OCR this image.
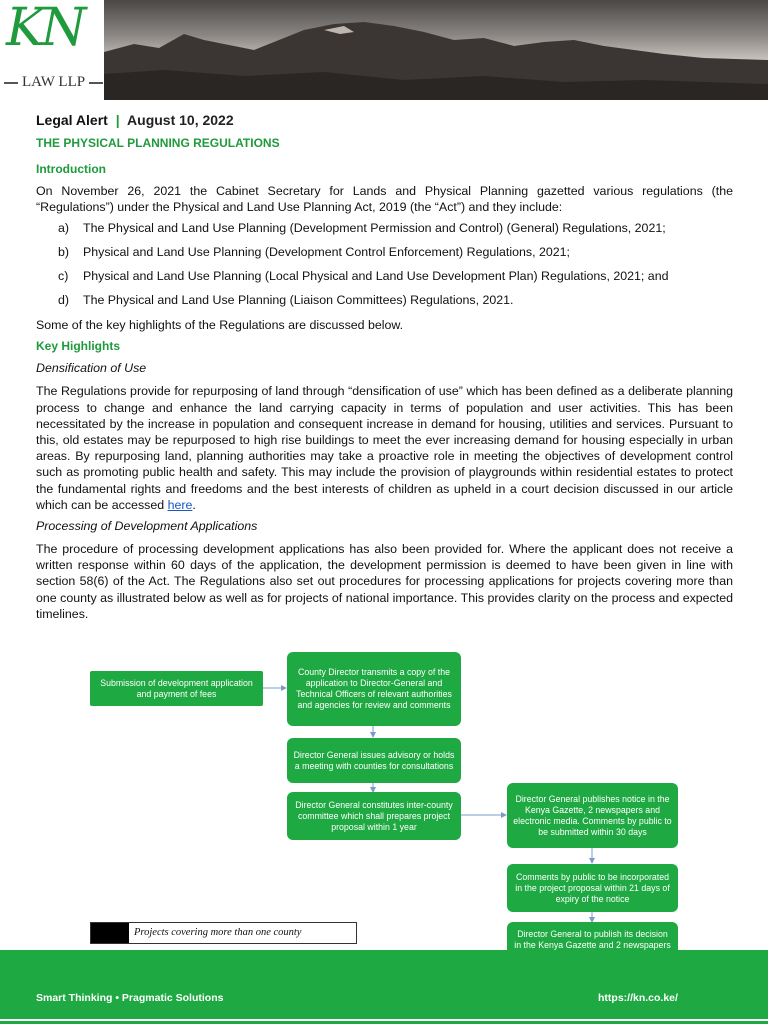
KN
LAW LLP
Legal Alert | August 10, 2022
THE PHYSICAL PLANNING REGULATIONS
Introduction
On November 26, 2021 the Cabinet Secretary for Lands and Physical Planning gazetted various regulations (the “Regulations”) under the Physical and Land Use Planning Act, 2019 (the “Act”) and they include:
a)	The Physical and Land Use Planning (Development Permission and Control) (General) Regulations, 2021;
b)	Physical and Land Use Planning (Development Control Enforcement) Regulations, 2021;
c)	Physical and Land Use Planning (Local Physical and Land Use Development Plan) Regulations, 2021; and
d)	The Physical and Land Use Planning (Liaison Committees) Regulations, 2021.
Some of the key highlights of the Regulations are discussed below.
Key Highlights
Densification of Use
The Regulations provide for repurposing of land through “densification of use” which has been defined as a deliberate planning process to change and enhance the land carrying capacity in terms of population and user activities. This has been necessitated by the increase in population and consequent increase in demand for housing, utilities and services. Pursuant to this, old estates may be repurposed to high rise buildings to meet the ever increasing demand for housing especially in urban areas. By repurposing land, planning authorities may take a proactive role in meeting the objectives of development control such as promoting public health and safety. This may include the provision of playgrounds within residential estates to protect the fundamental rights and freedoms and the best interests of children as upheld in a court decision discussed in our article which can be accessed here.
Processing of Development Applications
The procedure of processing development applications has also been provided for. Where the applicant does not receive a written response within 60 days of the application, the development permission is deemed to have been given in line with section 58(6) of the Act. The Regulations also set out procedures for processing applications for projects covering more than one county as illustrated below as well as for projects of national importance. This provides clarity on the process and expected timelines.
Submission of development application and payment of fees
County Director transmits a copy of the application to Director-General and Technical Officers of relevant authorities and agencies for review and comments
Director General issues advisory or holds a meeting with counties for consultations
Director General constitutes inter-county committee which shall prepares project proposal within 1 year
Director General publishes notice in the Kenya Gazette, 2 newspapers and electronic media. Comments by public to be submitted within 30 days
Comments by public to be incorporated in the project proposal within 21 days of expiry of the notice
Director General to publish its decision in the Kenya Gazette and 2 newspapers
Projects covering more than one county
Smart Thinking • Pragmatic Solutions	https://kn.co.ke/
